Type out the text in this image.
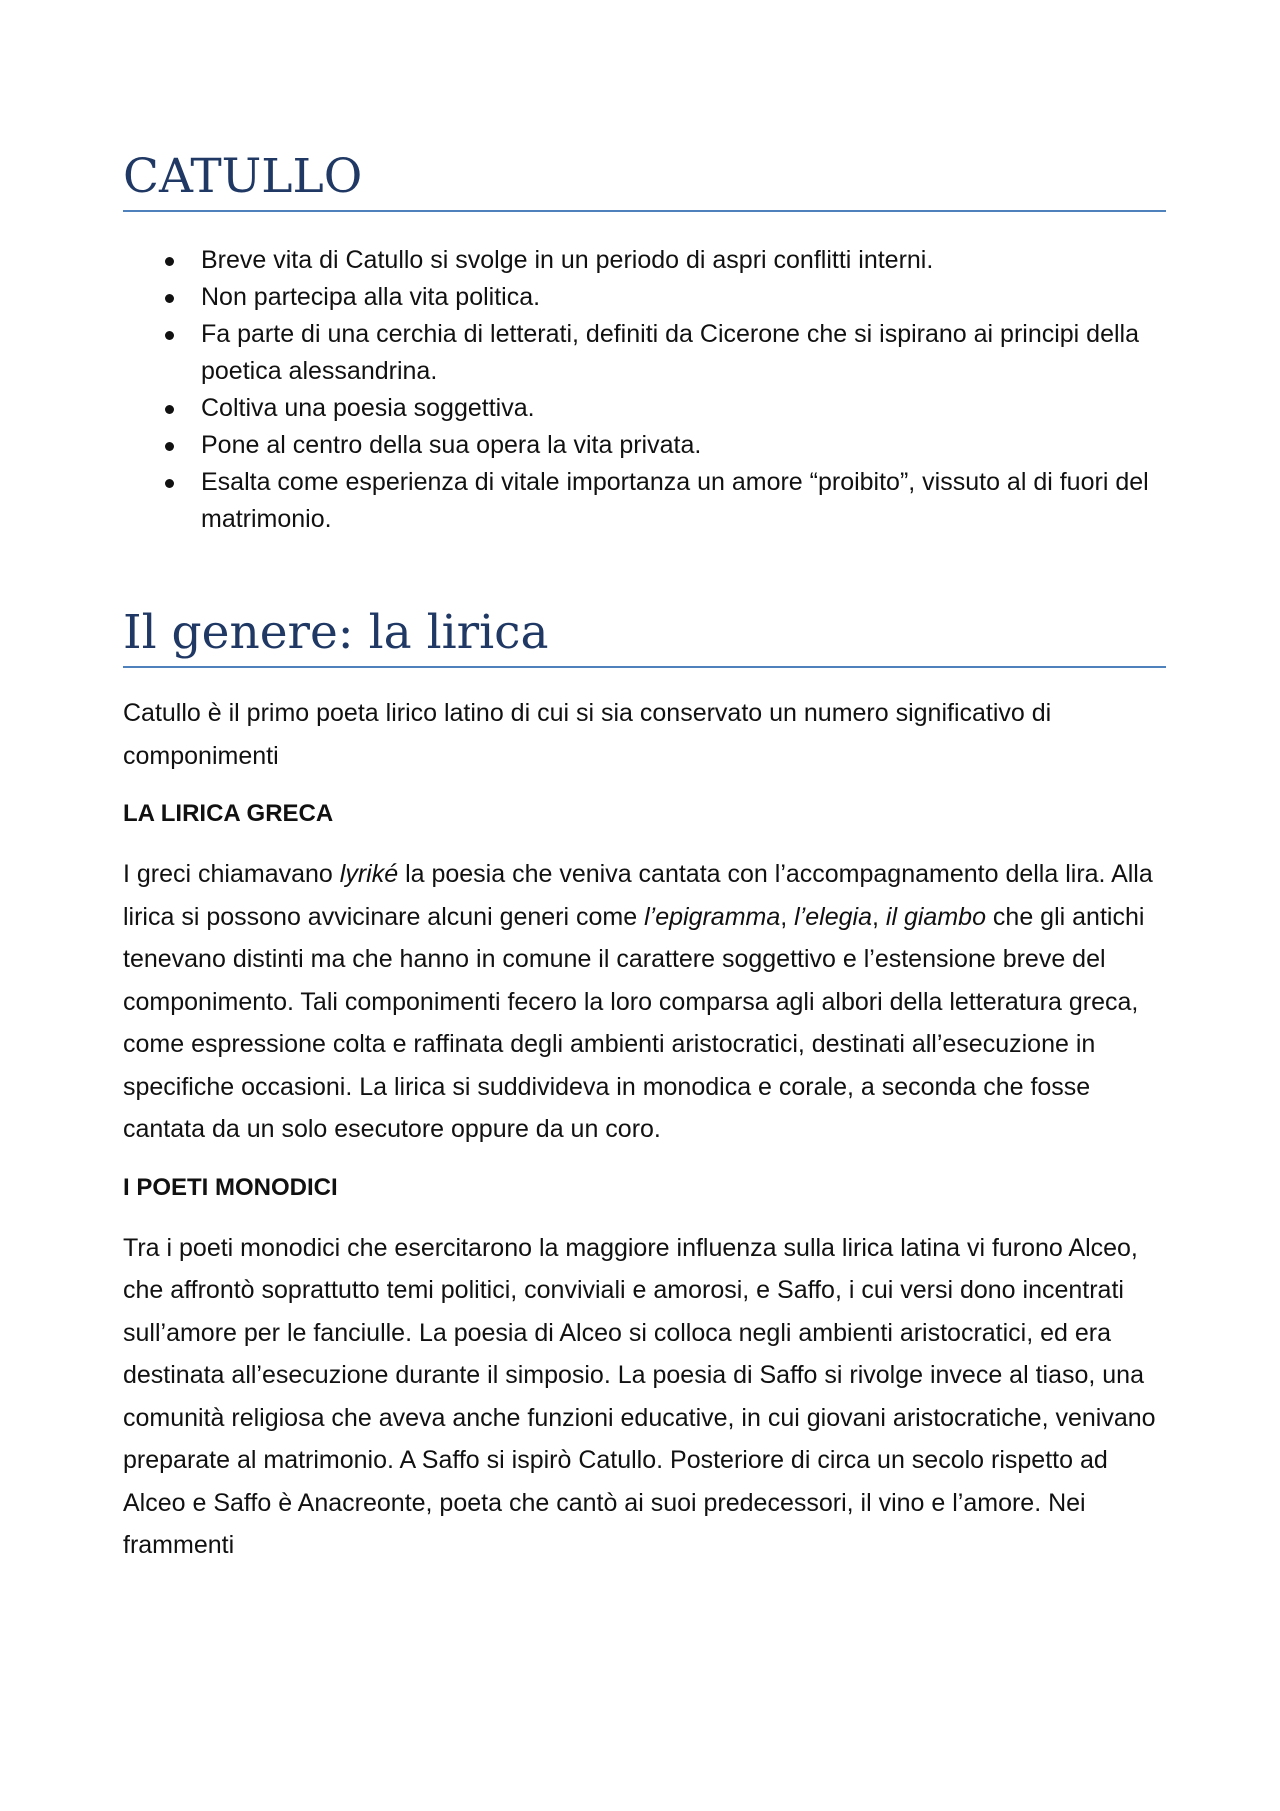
CATULLO
Breve vita di Catullo si svolge in un periodo di aspri conflitti interni.
Non partecipa alla vita politica.
Fa parte di una cerchia di letterati, definiti da Cicerone che si ispirano ai principi della poetica alessandrina.
Coltiva una poesia soggettiva.
Pone al centro della sua opera la vita privata.
Esalta come esperienza di vitale importanza un amore “proibito”, vissuto al di fuori del matrimonio.
Il genere: la lirica

Catullo è il primo poeta lirico latino di cui si sia conservato un numero significativo di componimenti

LA LIRICA GRECA

I greci chiamavano lyriké la poesia che veniva cantata con l’accompagnamento della lira. Alla lirica si possono avvicinare alcuni generi come l’epigramma, l’elegia, il giambo che gli antichi tenevano distinti ma che hanno in comune il carattere soggettivo e l’estensione breve del componimento. Tali componimenti fecero la loro comparsa agli albori della letteratura greca, come espressione colta e raffinata degli ambienti aristocratici, destinati all’esecuzione in specifiche occasioni. La lirica si suddivideva in monodica e corale, a seconda che fosse cantata da un solo esecutore oppure da un coro.

I POETI MONODICI

Tra i poeti monodici che esercitarono la maggiore influenza sulla lirica latina vi furono Alceo, che affrontò soprattutto temi politici, conviviali e amorosi, e Saffo, i cui versi dono incentrati sull’amore per le fanciulle. La poesia di Alceo si colloca negli ambienti aristocratici, ed era destinata all’esecuzione durante il simposio. La poesia di Saffo si rivolge invece al tiaso, una comunità religiosa che aveva anche funzioni educative, in cui giovani aristocratiche, venivano preparate al matrimonio. A Saffo si ispirò Catullo. Posteriore di circa un secolo rispetto ad Alceo e Saffo è Anacreonte, poeta che cantò ai suoi predecessori, il vino e l’amore. Nei frammenti
